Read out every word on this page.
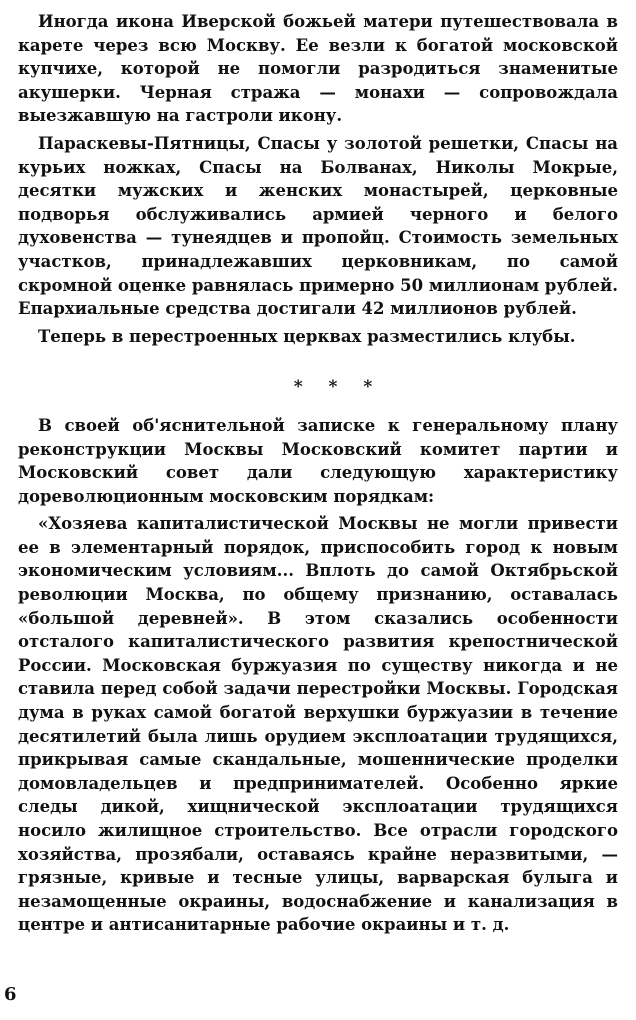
Иногда икона Иверской божьей матери путешествовала в карете через всю Москву. Ее везли к богатой московской купчихе, которой не помогли разродиться знаменитые акушерки. Черная стража — монахи — сопровождала выезжавшую на гастроли икону.

Параскевы-Пятницы, Спасы у золотой решетки, Спасы на курьих ножках, Спасы на Болванах, Николы Мокрые, десятки мужских и женских монастырей, церковные подворья обслуживались армией черного и белого духовенства — тунеядцев и пропойц. Стоимость земельных участков, принадлежавших церковникам, по самой скромной оценке равнялась примерно 50 миллионам рублей. Епархиальные средства достигали 42 миллионов рублей.

Теперь в перестроенных церквах разместились клубы.

* * *

В своей об'яснительной записке к генеральному плану реконструкции Москвы Московский комитет партии и Московский совет дали следующую характеристику дореволюционным московским порядкам:

«Хозяева капиталистической Москвы не могли привести ее в элементарный порядок, приспособить город к новым экономическим условиям... Вплоть до самой Октябрьской революции Москва, по общему признанию, оставалась «большой деревней». В этом сказались особенности отсталого капиталистического развития крепостнической России. Московская буржуазия по существу никогда и не ставила перед собой задачи перестройки Москвы. Городская дума в руках самой богатой верхушки буржуазии в течение десятилетий была лишь орудием эксплоатации трудящихся, прикрывая самые скандальные, мошеннические проделки домовладельцев и предпринимателей. Особенно яркие следы дикой, хищнической эксплоатации трудящихся носило жилищное строительство. Все отрасли городского хозяйства, прозябали, оставаясь крайне неразвитыми, — грязные, кривые и тесные улицы, варварская булыга и незамощенные окраины, водоснабжение и канализация в центре и антисанитарные рабочие окраины и т. д.

6
